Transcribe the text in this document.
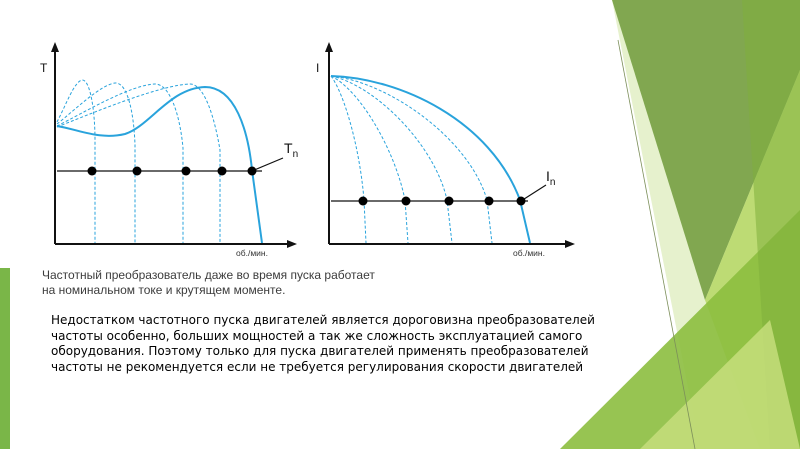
T
об./мин.
$T_n$
I
об./мин.
$I_n$
Частотный преобразователь даже во время пуска работает
на номинальном токе и крутящем моменте.
Недостатком частотного пуска двигателей является дороговизна преобразователей
частоты особенно, больших мощностей а так же сложность эксплуатацией самого
оборудования. Поэтому только для пуска двигателей применять преобразователей
частоты не рекомендуется если не требуется регулирования скорости двигателей
